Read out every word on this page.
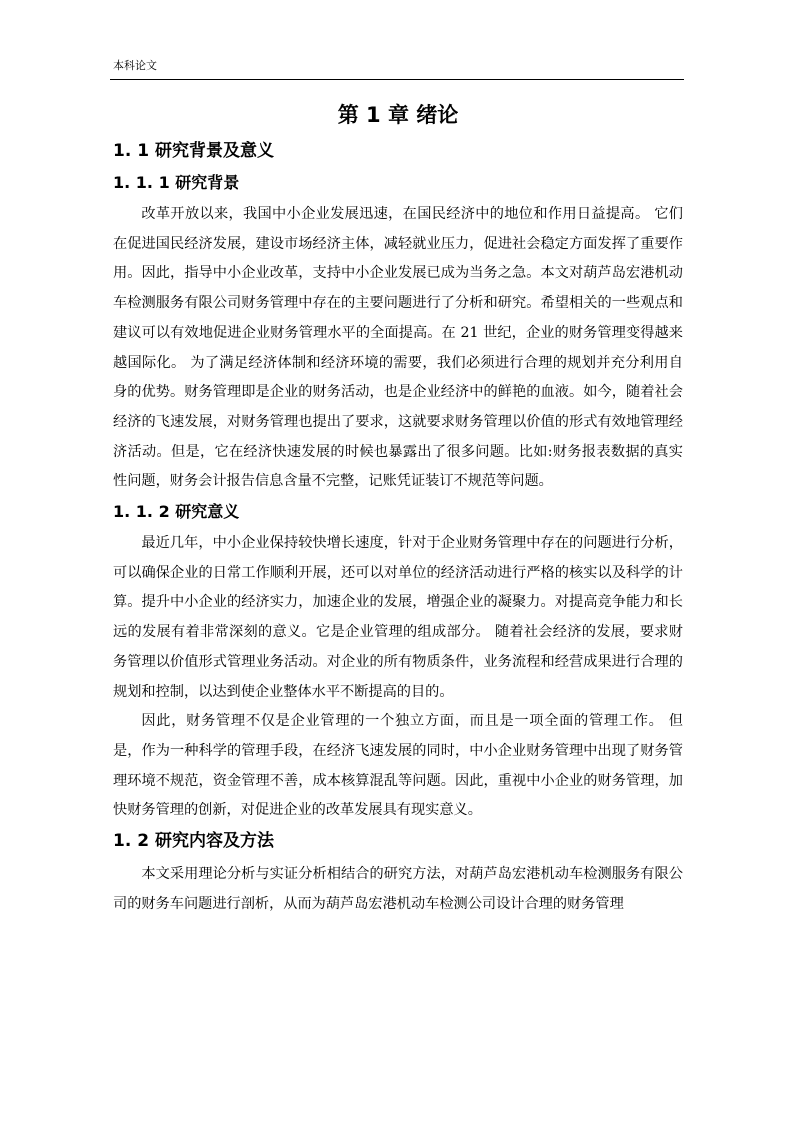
本科论文
第 1 章 绪论
1. 1 研究背景及意义
1. 1. 1 研究背景

改革开放以来，我国中小企业发展迅速，在国民经济中的地位和作用日益提高。 它们在促进国民经济发展，建设市场经济主体，减轻就业压力，促进社会稳定方面发挥了重要作用。因此，指导中小企业改革，支持中小企业发展已成为当务之急。本文对葫芦岛宏港机动车检测服务有限公司财务管理中存在的主要问题进行了分析和研究。希望相关的一些观点和建议可以有效地促进企业财务管理水平的全面提高。在 21 世纪，企业的财务管理变得越来越国际化。 为了满足经济体制和经济环境的需要，我们必须进行合理的规划并充分利用自身的优势。财务管理即是企业的财务活动，也是企业经济中的鲜艳的血液。如今，随着社会经济的飞速发展，对财务管理也提出了要求，这就要求财务管理以价值的形式有效地管理经济活动。但是，它在经济快速发展的时候也暴露出了很多问题。比如:财务报表数据的真实性问题，财务会计报告信息含量不完整，记账凭证装订不规范等问题。

1. 1. 2 研究意义

最近几年，中小企业保持较快增长速度，针对于企业财务管理中存在的问题进行分析，可以确保企业的日常工作顺利开展，还可以对单位的经济活动进行严格的核实以及科学的计算。提升中小企业的经济实力，加速企业的发展，增强企业的凝聚力。对提高竞争能力和长远的发展有着非常深刻的意义。它是企业管理的组成部分。 随着社会经济的发展，要求财务管理以价值形式管理业务活动。对企业的所有物质条件，业务流程和经营成果进行合理的规划和控制，以达到使企业整体水平不断提高的目的。

因此，财务管理不仅是企业管理的一个独立方面，而且是一项全面的管理工作。 但是，作为一种科学的管理手段，在经济飞速发展的同时，中小企业财务管理中出现了财务管理环境不规范，资金管理不善，成本核算混乱等问题。因此，重视中小企业的财务管理，加快财务管理的创新，对促进企业的改革发展具有现实意义。

1. 2 研究内容及方法

本文采用理论分析与实证分析相结合的研究方法，对葫芦岛宏港机动车检测服务有限公司的财务车问题进行剖析，从而为葫芦岛宏港机动车检测公司设计合理的财务管理
